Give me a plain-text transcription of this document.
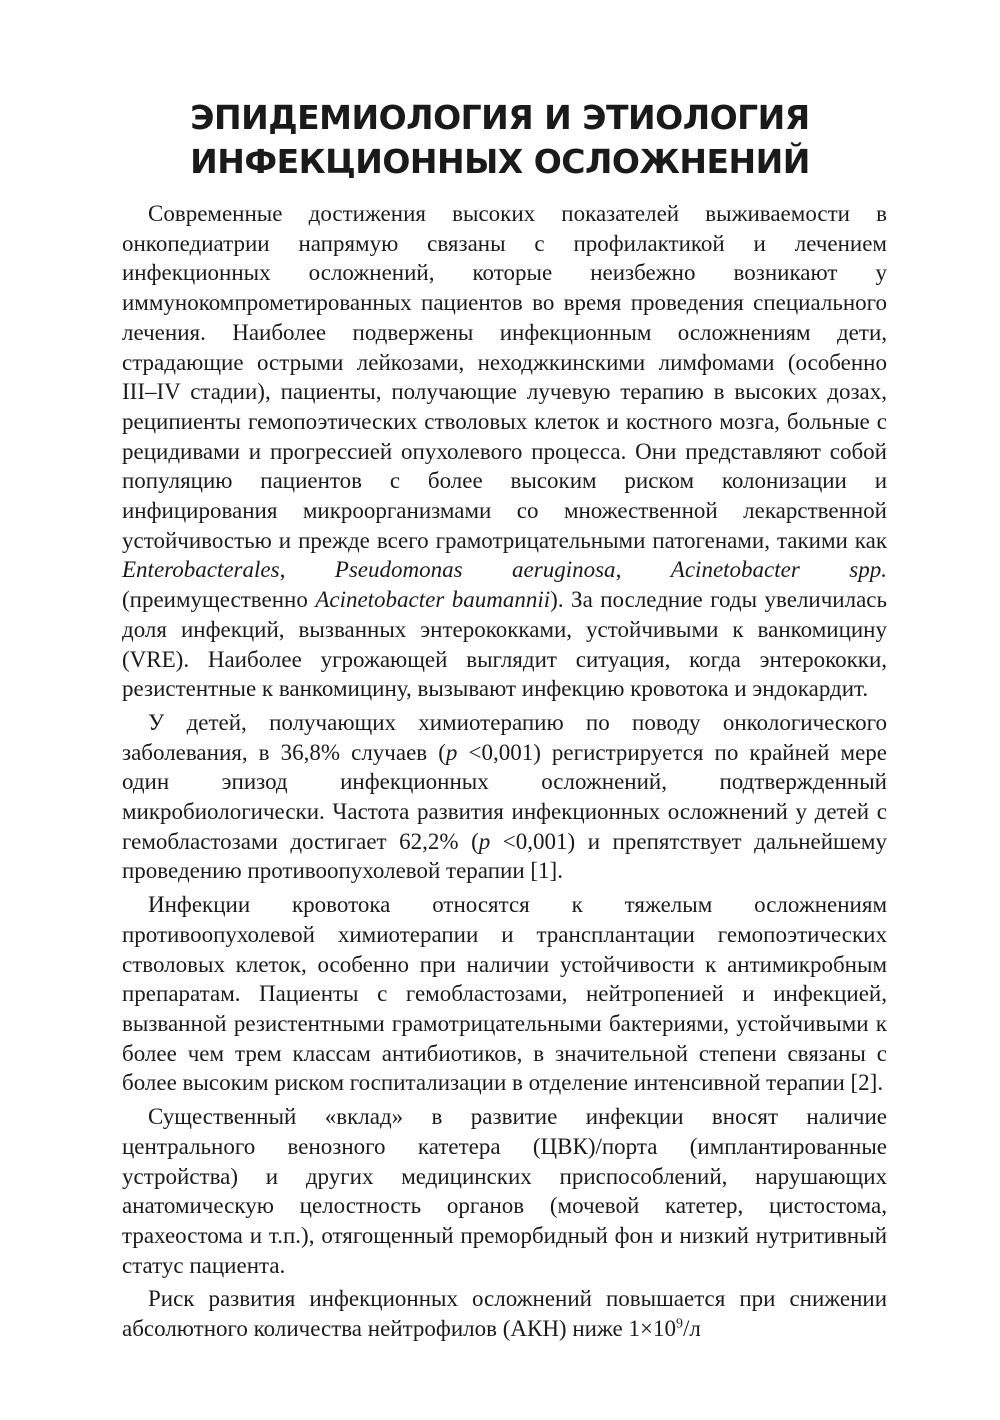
ЭПИДЕМИОЛОГИЯ И ЭТИОЛОГИЯ
ИНФЕКЦИОННЫХ ОСЛОЖНЕНИЙ

Современные достижения высоких показателей выживаемости в онкопедиатрии напрямую связаны с профилактикой и лечением инфекционных осложнений, которые неизбежно возникают у иммунокомпрометированных пациентов во время проведения специального лечения. Наиболее подвержены инфекционным осложнениям дети, страдающие острыми лейкозами, неходжкинскими лимфомами (особенно III–IV стадии), пациенты, получающие лучевую терапию в высоких дозах, реципиенты гемопоэтических стволовых клеток и костного мозга, больные с рецидивами и прогрессией опухолевого процесса. Они представляют собой популяцию пациентов с более высоким риском колонизации и инфицирования микроорганизмами со множественной лекарственной устойчивостью и прежде всего грамотрицательными патогенами, такими как Enterobacterales, Pseudomonas aeruginosa, Acinetobacter spp. (преимущественно Acinetobacter baumannii). За последние годы увеличилась доля инфекций, вызванных энтерококками, устойчивыми к ванкомицину (VRE). Наиболее угрожающей выглядит ситуация, когда энтерококки, резистентные к ванкомицину, вызывают инфекцию кровотока и эндокардит.

У детей, получающих химиотерапию по поводу онкологического заболевания, в 36,8% случаев (p <0,001) регистрируется по крайней мере один эпизод инфекционных осложнений, подтвержденный микробиологически. Частота развития инфекционных осложнений у детей с гемобластозами достигает 62,2% (p <0,001) и препятствует дальнейшему проведению противоопухолевой терапии [1].

Инфекции кровотока относятся к тяжелым осложнениям противоопухолевой химиотерапии и трансплантации гемопоэтических стволовых клеток, особенно при наличии устойчивости к антимикробным препаратам. Пациенты с гемобластозами, нейтропенией и инфекцией, вызванной резистентными грамотрицательными бактериями, устойчивыми к более чем трем классам антибиотиков, в значительной степени связаны с более высоким риском госпитализации в отделение интенсивной терапии [2].

Существенный «вклад» в развитие инфекции вносят наличие центрального венозного катетера (ЦВК)/порта (имплантированные устройства) и других медицинских приспособлений, нарушающих анатомическую целостность органов (мочевой катетер, цистостома, трахеостома и т.п.), отягощенный преморбидный фон и низкий нутритивный статус пациента.

Риск развития инфекционных осложнений повышается при снижении абсолютного количества нейтрофилов (АКН) ниже $1\times 10^9/л$
